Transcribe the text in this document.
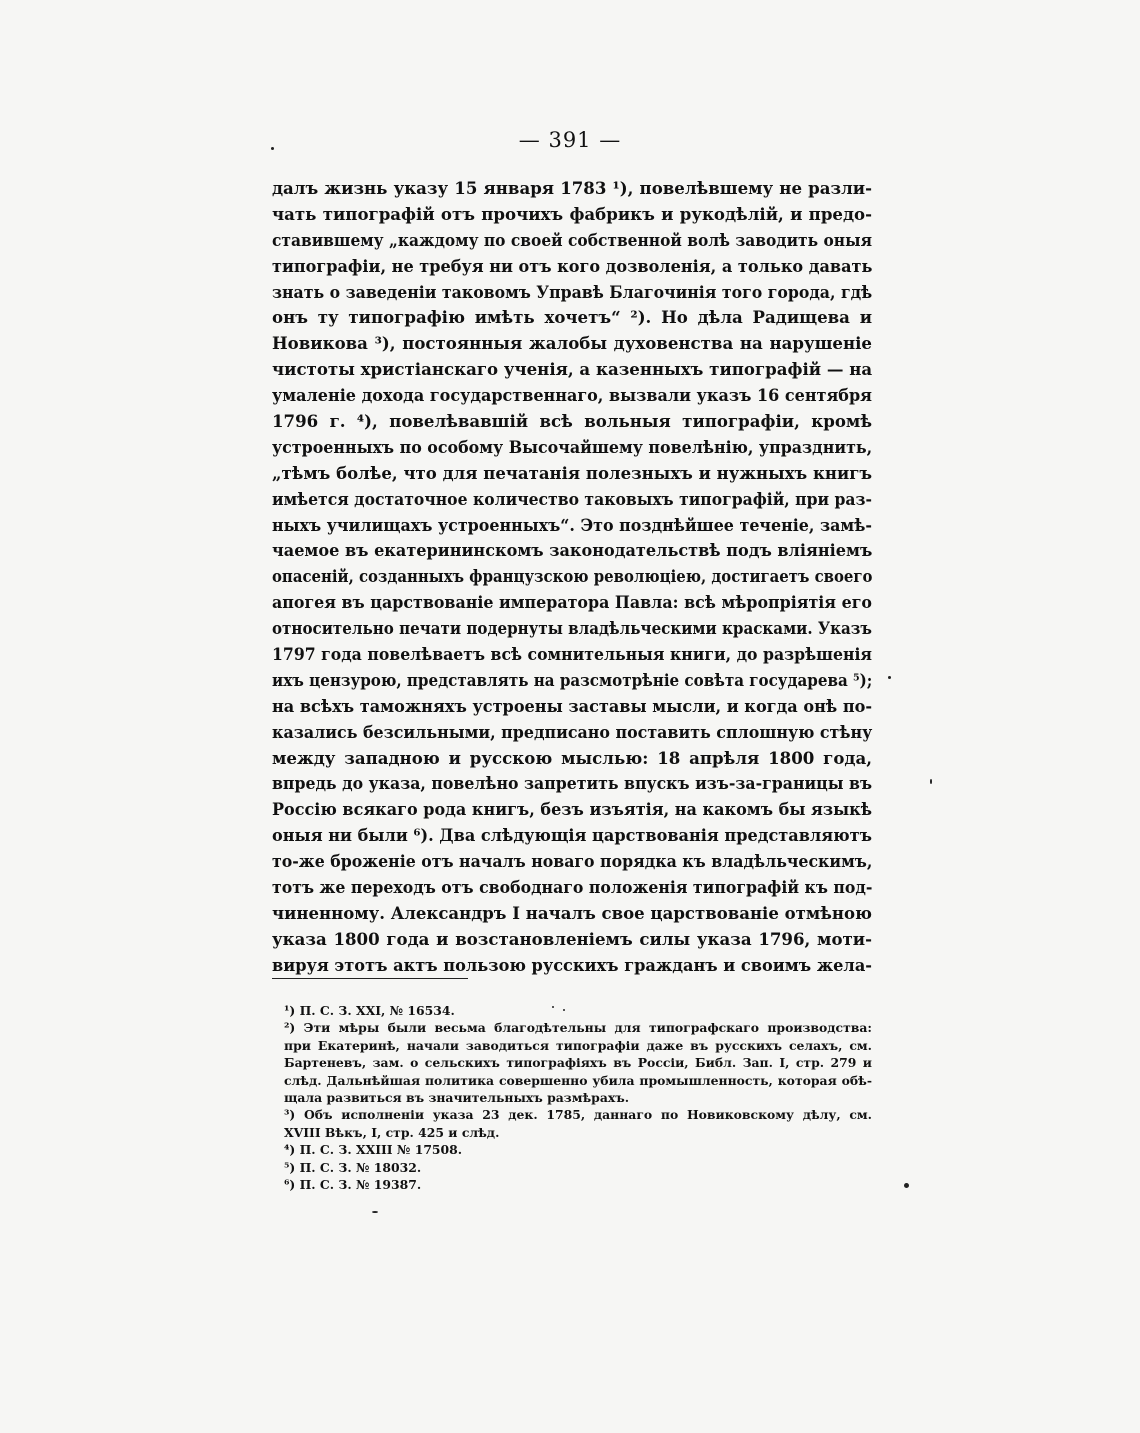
— 391 —
далъ жизнь указу 15 января 1783 ¹), повелѣвшему не разли-
чать типографій отъ прочихъ фабрикъ и рукодѣлій, и предо-
ставившему „каждому по своей собственной волѣ заводить оныя
типографіи, не требуя ни отъ кого дозволенія, а только давать
знать о заведеніи таковомъ Управѣ Благочинія того города, гдѣ
онъ ту типографію имѣть хочетъ“ ²). Но дѣла Радищева и
Новикова ³), постоянныя жалобы духовенства на нарушеніе
чистоты христіанскаго ученія, а казенныхъ типографій — на
умаленіе дохода государственнаго, вызвали указъ 16 сентября
1796 г. ⁴), повелѣвавшій всѣ вольныя типографіи, кромѣ
устроенныхъ по особому Высочайшему повелѣнію, упразднить,
„тѣмъ болѣе, что для печатанія полезныхъ и нужныхъ книгъ
имѣется достаточное количество таковыхъ типографій, при раз-
ныхъ училищахъ устроенныхъ“. Это позднѣйшее теченіе, замѣ-
чаемое въ екатерининскомъ законодательствѣ подъ вліяніемъ
опасеній, созданныхъ французскою революціею, достигаетъ своего
апогея въ царствованіе императора Павла: всѣ мѣропріятія его
относительно печати подернуты владѣльческими красками. Указъ
1797 года повелѣваетъ всѣ сомнительныя книги, до разрѣшенія
ихъ цензурою, представлять на разсмотрѣніе совѣта государева ⁵);
на всѣхъ таможняхъ устроены заставы мысли, и когда онѣ по-
казались безсильными, предписано поставить сплошную стѣну
между западною и русскою мыслью: 18 апрѣля 1800 года,
впредь до указа, повелѣно запретить впускъ изъ-за-границы въ
Россію всякаго рода книгъ, безъ изъятія, на какомъ бы языкѣ
оныя ни были ⁶). Два слѣдующія царствованія представляютъ
то-же броженіе отъ началъ новаго порядка къ владѣльческимъ,
тотъ же переходъ отъ свободнаго положенія типографій къ под-
чиненному. Александръ I началъ свое царствованіе отмѣною
указа 1800 года и возстановленіемъ силы указа 1796, моти-
вируя этотъ актъ пользою русскихъ гражданъ и своимъ жела-
¹) П. С. З. XXI, № 16534.
²) Эти мѣры были весьма благодѣтельны для типографскаго производства:
при Екатеринѣ, начали заводиться типографіи даже въ русскихъ селахъ, см.
Бартеневъ, зам. о сельскихъ типографіяхъ въ Россіи, Библ. Зап. I, стр. 279 и
слѣд. Дальнѣйшая политика совершенно убила промышленность, которая обѣ-
щала развиться въ значительныхъ размѣрахъ.
³) Объ исполненіи указа 23 дек. 1785, даннаго по Новиковскому дѣлу, см.
XVIII Вѣкъ, I, стр. 425 и слѣд.
⁴) П. С. З. XXIII № 17508.
⁵) П. С. З. № 18032.
⁶) П. С. З. № 19387.
